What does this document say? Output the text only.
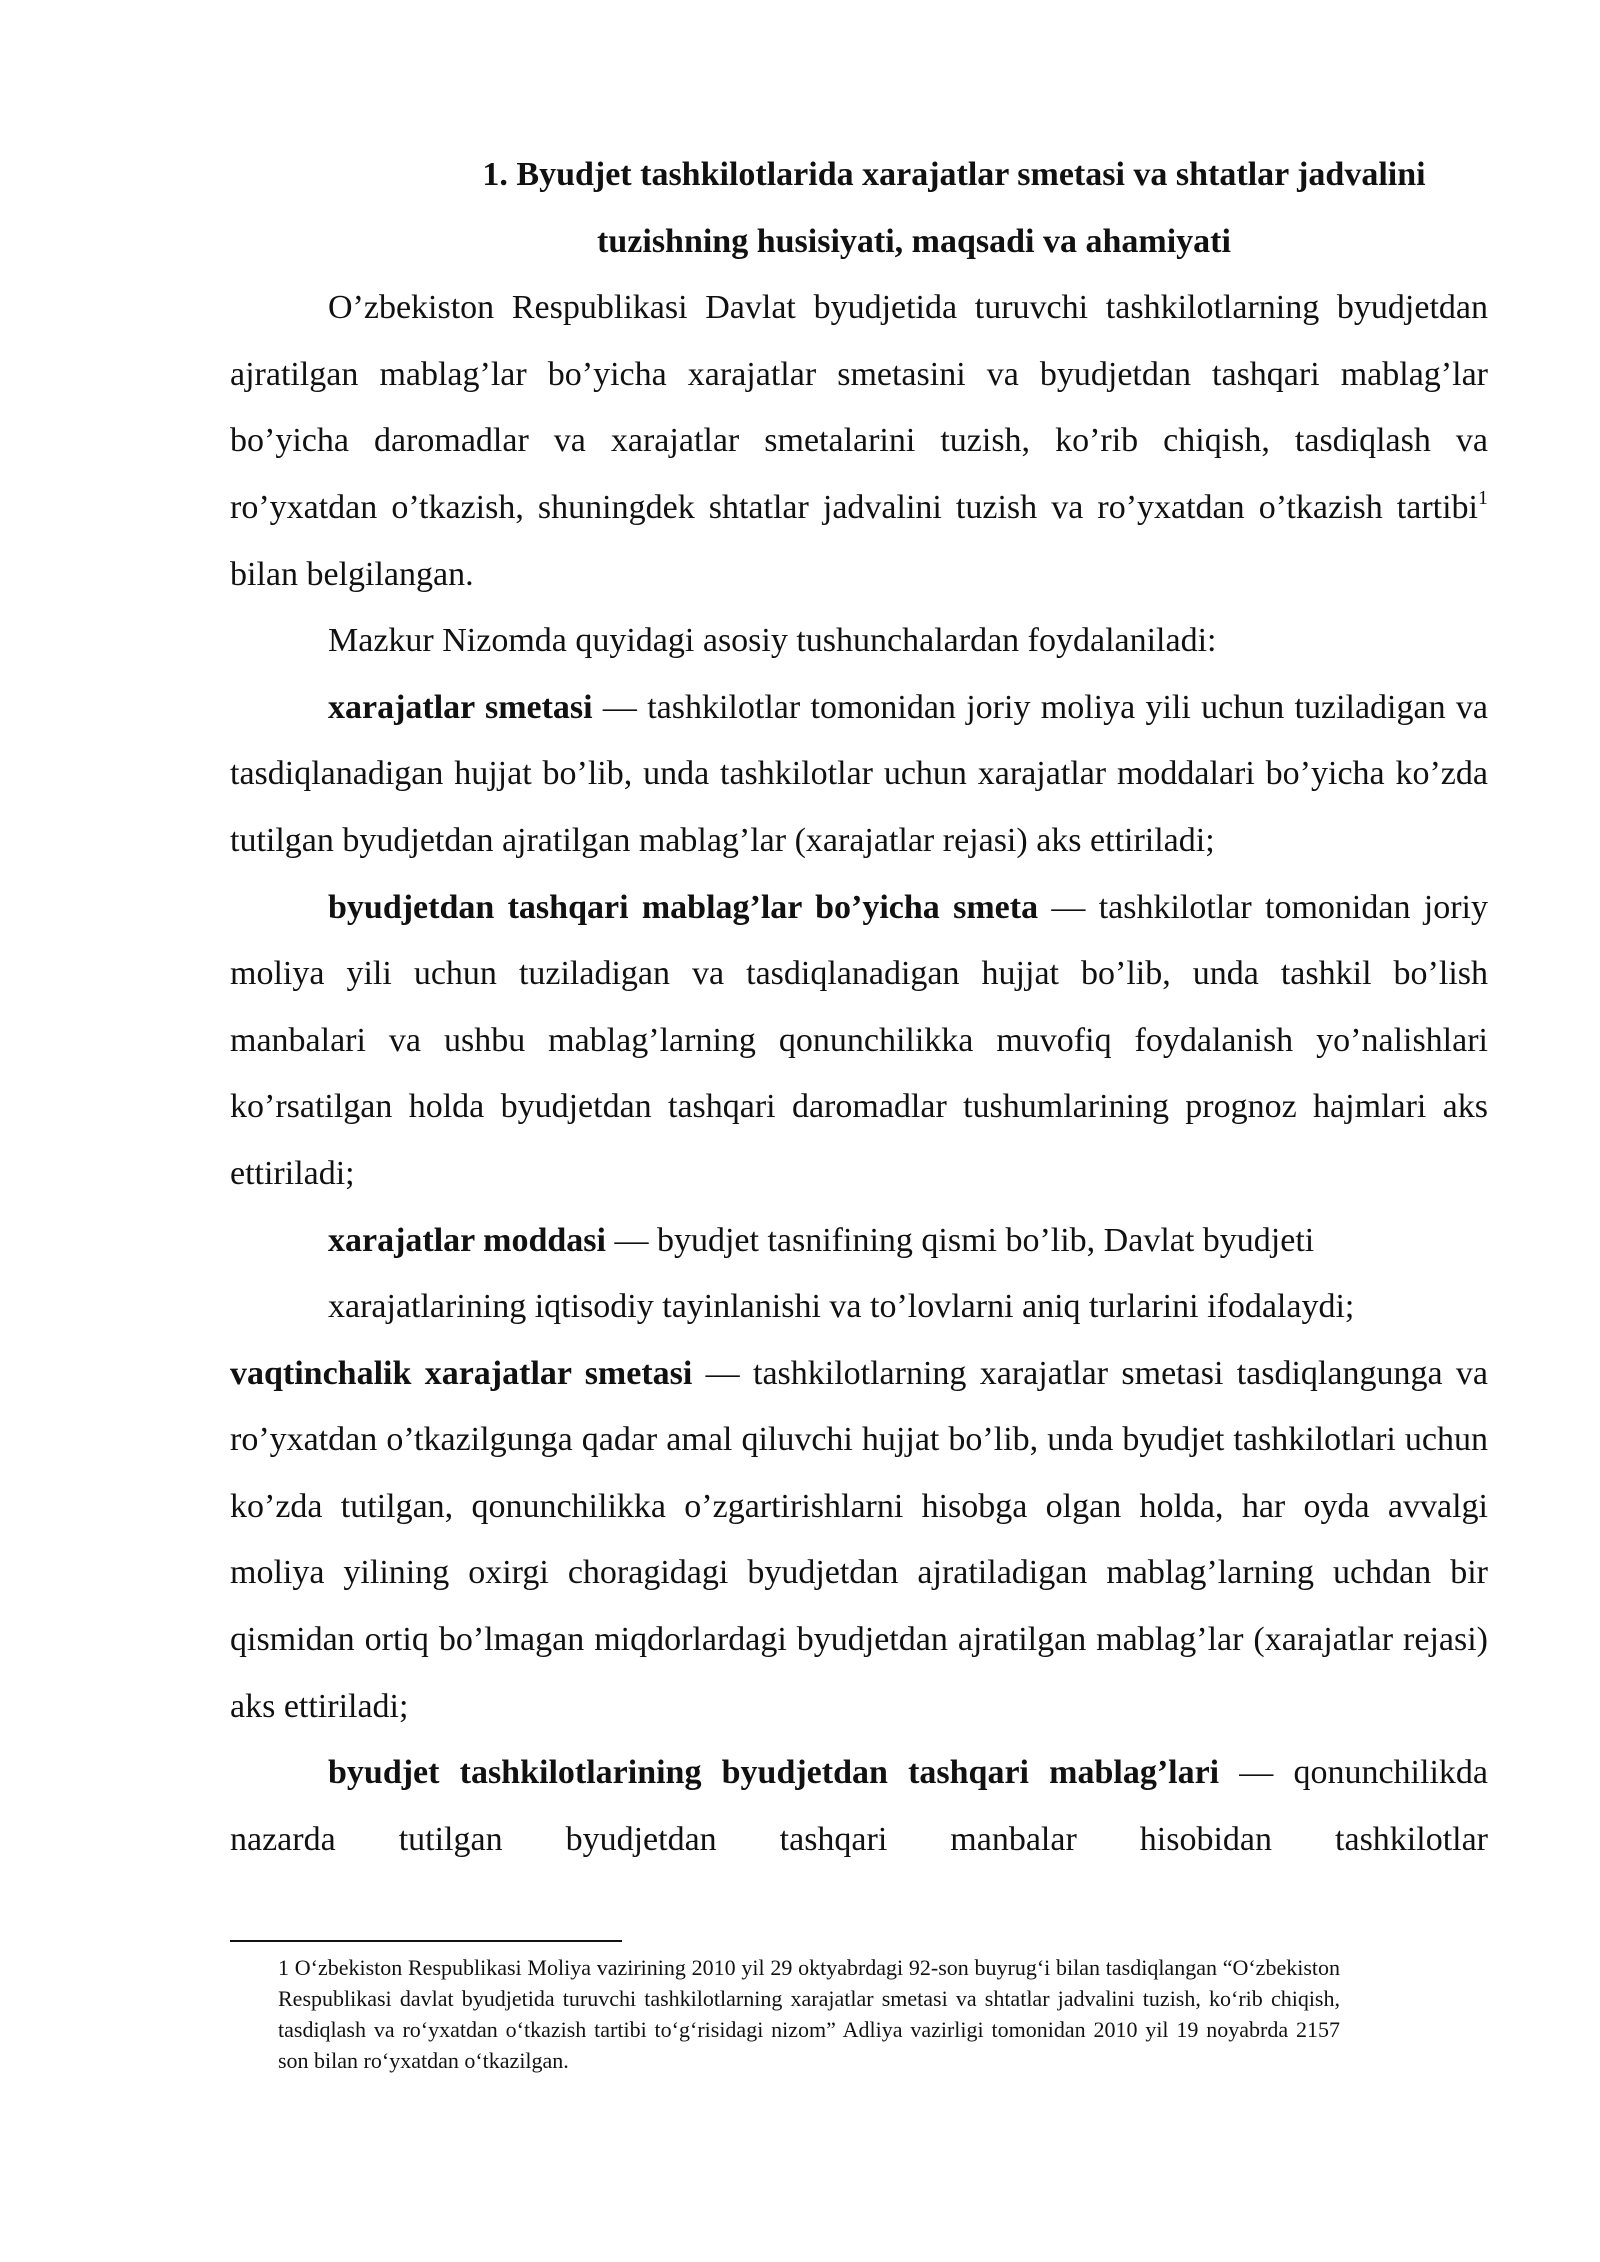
1. Byudjet tashkilotlarida xarajatlar smetasi va shtatlar jadvalini
tuzishning husisiyati, maqsadi va ahamiyati

O’zbekiston Respublikasi Davlat byudjetida turuvchi tashkilotlarning byudjetdan ajratilgan mablag’lar bo’yicha xarajatlar smetasini va byudjetdan tashqari mablag’lar bo’yicha daromadlar va xarajatlar smetalarini tuzish, ko’rib chiqish, tasdiqlash va ro’yxatdan o’tkazish, shuningdek shtatlar jadvalini tuzish va ro’yxatdan o’tkazish tartibi$^1$ bilan belgilangan.

Mazkur Nizomda quyidagi asosiy tushunchalardan foydalaniladi:

xarajatlar smetasi — tashkilotlar tomonidan joriy moliya yili uchun tuziladigan va tasdiqlanadigan hujjat bo’lib, unda tashkilotlar uchun xarajatlar moddalari bo’yicha ko’zda tutilgan byudjetdan ajratilgan mablag’lar (xarajatlar rejasi) aks ettiriladi;

byudjetdan tashqari mablag’lar bo’yicha smeta — tashkilotlar tomonidan joriy moliya yili uchun tuziladigan va tasdiqlanadigan hujjat bo’lib, unda tashkil bo’lish manbalari va ushbu mablag’larning qonunchilikka muvofiq foydalanish yo’nalishlari ko’rsatilgan holda byudjetdan tashqari daromadlar tushumlarining prognoz hajmlari aks ettiriladi;

xarajatlar moddasi — byudjet tasnifining qismi bo’lib, Davlat byudjeti

xarajatlarining iqtisodiy tayinlanishi va to’lovlarni aniq turlarini ifodalaydi;

vaqtinchalik xarajatlar smetasi — tashkilotlarning xarajatlar smetasi tasdiqlangunga va ro’yxatdan o’tkazilgunga qadar amal qiluvchi hujjat bo’lib, unda byudjet tashkilotlari uchun ko’zda tutilgan, qonunchilikka o’zgartirishlarni hisobga olgan holda, har oyda avvalgi moliya yilining oxirgi choragidagi byudjetdan ajratiladigan mablag’larning uchdan bir qismidan ortiq bo’lmagan miqdorlardagi byudjetdan ajratilgan mablag’lar (xarajatlar rejasi) aks ettiriladi;

byudjet tashkilotlarining byudjetdan tashqari mablag’lari — qonunchilikda nazarda tutilgan byudjetdan tashqari manbalar hisobidan tashkilotlar

1 O‘zbekiston Respublikasi Moliya vazirining 2010 yil 29 oktyabrdagi 92-son buyrug‘i bilan tasdiqlangan “O‘zbekiston Respublikasi davlat byudjetida turuvchi tashkilotlarning xarajatlar smetasi va shtatlar jadvalini tuzish, ko‘rib chiqish, tasdiqlash va ro‘yxatdan o‘tkazish tartibi to‘g‘risidagi nizom” Adliya vazirligi tomonidan 2010 yil 19 noyabrda 2157 son bilan ro‘yxatdan o‘tkazilgan.
